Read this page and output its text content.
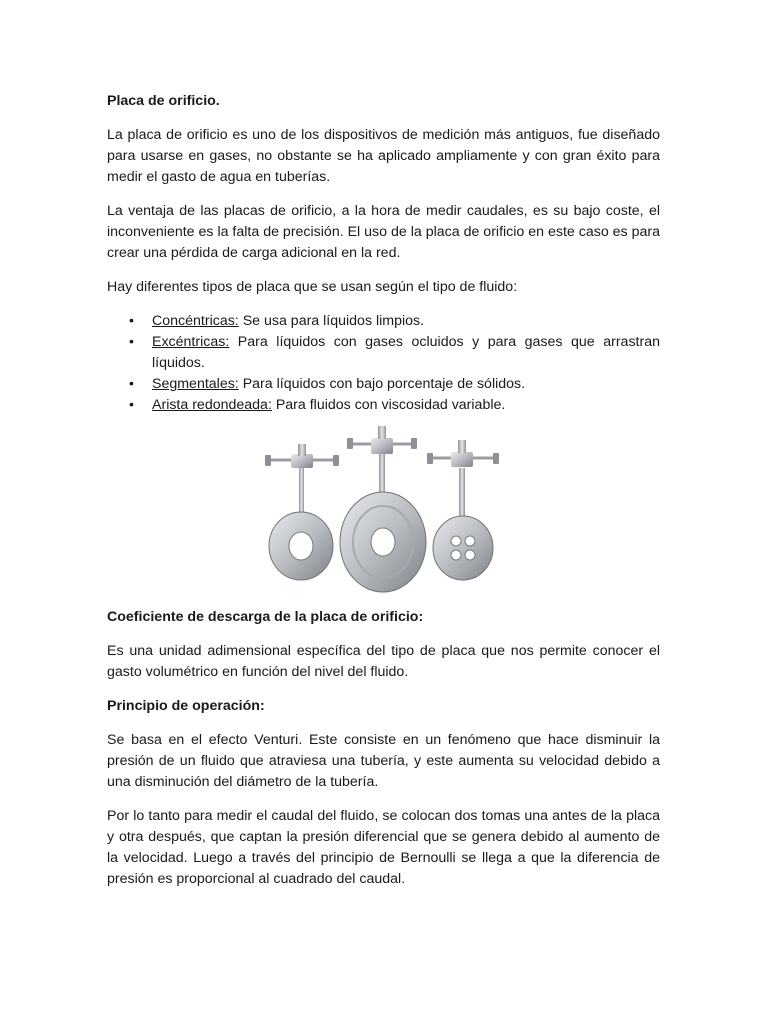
Placa de orificio.

La placa de orificio es uno de los dispositivos de medición más antiguos, fue diseñado para usarse en gases, no obstante se ha aplicado ampliamente y con gran éxito para medir el gasto de agua en tuberías.

La ventaja de las placas de orificio, a la hora de medir caudales, es su bajo coste, el inconveniente es la falta de precisión. El uso de la placa de orificio en este caso es para crear una pérdida de carga adicional en la red.

Hay diferentes tipos de placa que se usan según el tipo de fluido:

• Concéntricas: Se usa para líquidos limpios.
• Excéntricas: Para líquidos con gases ocluidos y para gases que arrastran líquidos.
• Segmentales: Para líquidos con bajo porcentaje de sólidos.
• Arista redondeada: Para fluidos con viscosidad variable.
Coeficiente de descarga de la placa de orificio:

Es una unidad adimensional específica del tipo de placa que nos permite conocer el gasto volumétrico en función del nivel del fluido.

Principio de operación:

Se basa en el efecto Venturi. Este consiste en un fenómeno que hace disminuir la presión de un fluido que atraviesa una tubería, y este aumenta su velocidad debido a una disminución del diámetro de la tubería.

Por lo tanto para medir el caudal del fluido, se colocan dos tomas una antes de la placa y otra después, que captan la presión diferencial que se genera debido al aumento de la velocidad. Luego a través del principio de Bernoulli se llega a que la diferencia de presión es proporcional al cuadrado del caudal.
